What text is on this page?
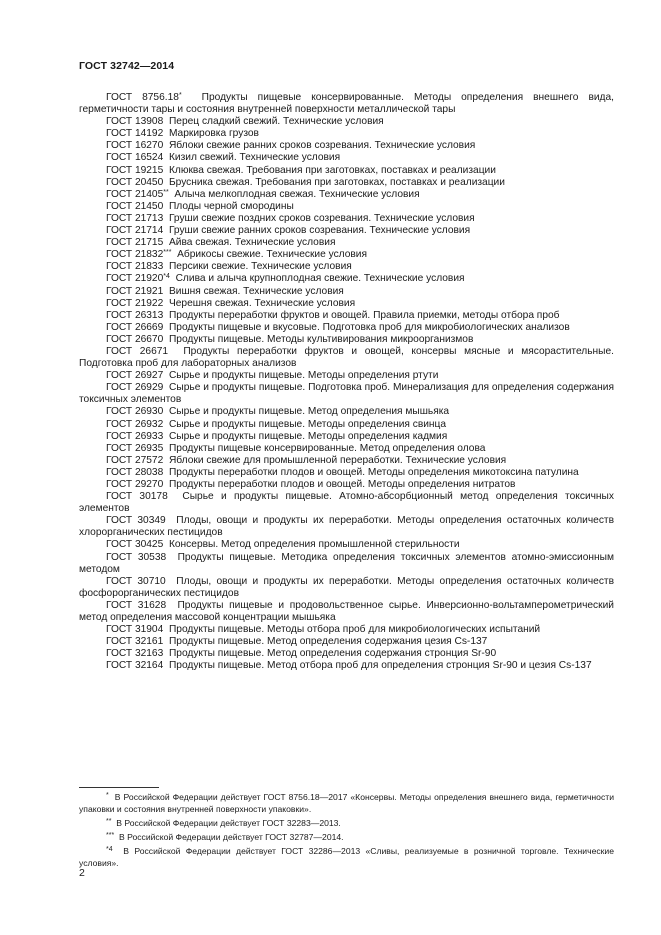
ГОСТ 32742—2014
ГОСТ 8756.18* Продукты пищевые консервированные. Методы определения внешнего вида, герметичности тары и состояния внутренней поверхности металлической тары
ГОСТ 13908 Перец сладкий свежий. Технические условия
ГОСТ 14192 Маркировка грузов
ГОСТ 16270 Яблоки свежие ранних сроков созревания. Технические условия
ГОСТ 16524 Кизил свежий. Технические условия
ГОСТ 19215 Клюква свежая. Требования при заготовках, поставках и реализации
ГОСТ 20450 Брусника свежая. Требования при заготовках, поставках и реализации
ГОСТ 21405** Алыча мелкоплодная свежая. Технические условия
ГОСТ 21450 Плоды черной смородины
ГОСТ 21713 Груши свежие поздних сроков созревания. Технические условия
ГОСТ 21714 Груши свежие ранних сроков созревания. Технические условия
ГОСТ 21715 Айва свежая. Технические условия
ГОСТ 21832*** Абрикосы свежие. Технические условия
ГОСТ 21833 Персики свежие. Технические условия
ГОСТ 21920$^{*4}$ Слива и алыча крупноплодная свежие. Технические условия
ГОСТ 21921 Вишня свежая. Технические условия
ГОСТ 21922 Черешня свежая. Технические условия
ГОСТ 26313 Продукты переработки фруктов и овощей. Правила приемки, методы отбора проб
ГОСТ 26669 Продукты пищевые и вкусовые. Подготовка проб для микробиологических анализов
ГОСТ 26670 Продукты пищевые. Методы культивирования микроорганизмов
ГОСТ 26671 Продукты переработки фруктов и овощей, консервы мясные и мясорастительные. Подготовка проб для лабораторных анализов
ГОСТ 26927 Сырье и продукты пищевые. Методы определения ртути
ГОСТ 26929 Сырье и продукты пищевые. Подготовка проб. Минерализация для определения содержания токсичных элементов
ГОСТ 26930 Сырье и продукты пищевые. Метод определения мышьяка
ГОСТ 26932 Сырье и продукты пищевые. Методы определения свинца
ГОСТ 26933 Сырье и продукты пищевые. Методы определения кадмия
ГОСТ 26935 Продукты пищевые консервированные. Метод определения олова
ГОСТ 27572 Яблоки свежие для промышленной переработки. Технические условия
ГОСТ 28038 Продукты переработки плодов и овощей. Методы определения микотоксина патулина
ГОСТ 29270 Продукты переработки плодов и овощей. Методы определения нитратов
ГОСТ 30178 Сырье и продукты пищевые. Атомно-абсорбционный метод определения токсичных элементов
ГОСТ 30349 Плоды, овощи и продукты их переработки. Методы определения остаточных количеств хлорорганических пестицидов
ГОСТ 30425 Консервы. Метод определения промышленной стерильности
ГОСТ 30538 Продукты пищевые. Методика определения токсичных элементов атомно-эмиссионным методом
ГОСТ 30710 Плоды, овощи и продукты их переработки. Методы определения остаточных количеств фосфорорганических пестицидов
ГОСТ 31628 Продукты пищевые и продовольственное сырье. Инверсионно-вольтамперометрический метод определения массовой концентрации мышьяка
ГОСТ 31904 Продукты пищевые. Методы отбора проб для микробиологических испытаний
ГОСТ 32161 Продукты пищевые. Метод определения содержания цезия Cs-137
ГОСТ 32163 Продукты пищевые. Метод определения содержания стронция Sr-90
ГОСТ 32164 Продукты пищевые. Метод отбора проб для определения стронция Sr-90 и цезия Cs-137
* В Российской Федерации действует ГОСТ 8756.18—2017 «Консервы. Методы определения внешнего вида, герметичности упаковки и состояния внутренней поверхности упаковки».
** В Российской Федерации действует ГОСТ 32283—2013.
*** В Российской Федерации действует ГОСТ 32787—2014.
$^{*4}$ В Российской Федерации действует ГОСТ 32286—2013 «Сливы, реализуемые в розничной торговле. Технические условия».
2
